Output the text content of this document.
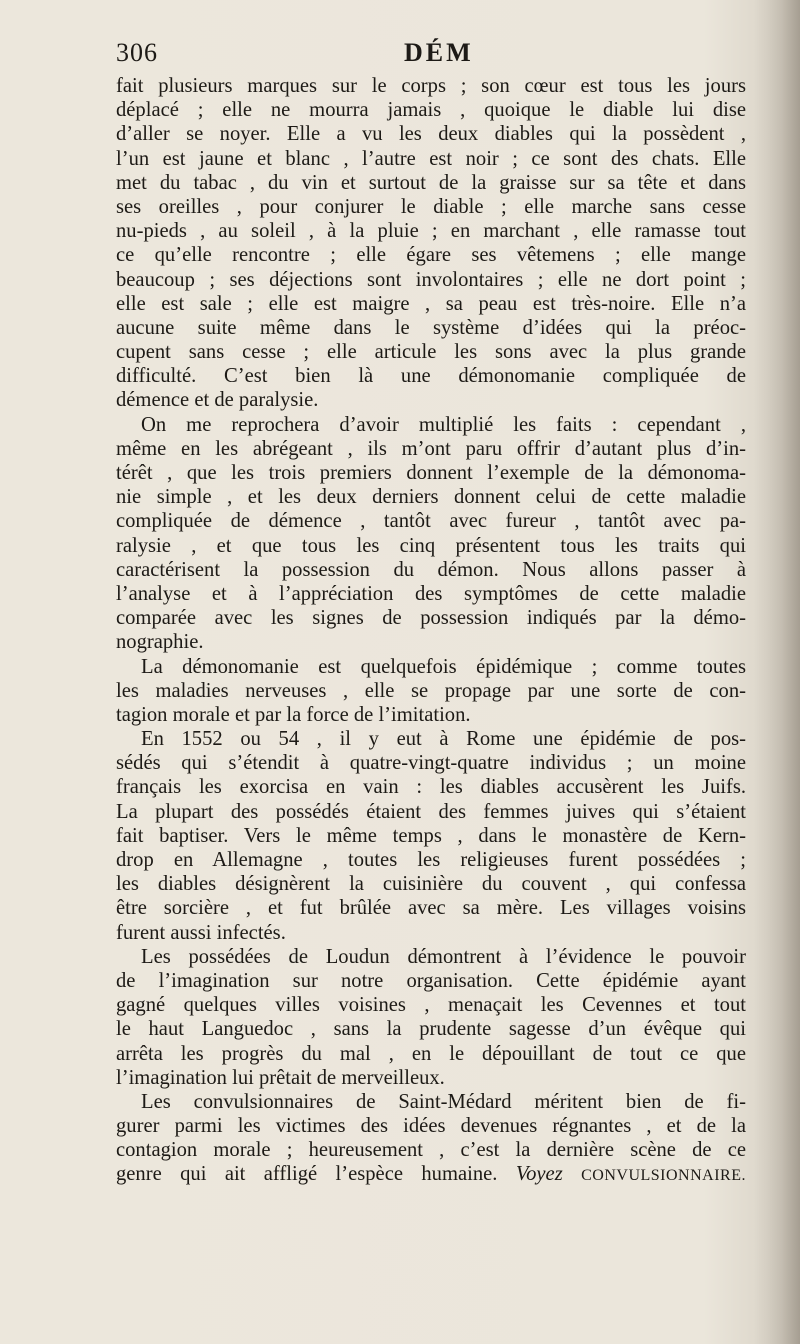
306	DÉM
fait plusieurs marques sur le corps ; son cœur est tous les jours
déplacé ; elle ne mourra jamais , quoique le diable lui dise
d’aller se noyer. Elle a vu les deux diables qui la possèdent ,
l’un est jaune et blanc , l’autre est noir ; ce sont des chats. Elle
met du tabac , du vin et surtout de la graisse sur sa tête et dans
ses oreilles , pour conjurer le diable ; elle marche sans cesse
nu-pieds , au soleil , à la pluie ; en marchant , elle ramasse tout
ce qu’elle rencontre ; elle égare ses vêtemens ; elle mange
beaucoup ; ses déjections sont involontaires ; elle ne dort point ;
elle est sale ; elle est maigre , sa peau est très-noire. Elle n’a
aucune suite même dans le système d’idées qui la préoc-
cupent sans cesse ; elle articule les sons avec la plus grande
difficulté. C’est bien là une démonomanie compliquée de
démence et de paralysie.
On me reprochera d’avoir multiplié les faits : cependant ,
même en les abrégeant , ils m’ont paru offrir d’autant plus d’in-
térêt , que les trois premiers donnent l’exemple de la démonoma-
nie simple , et les deux derniers donnent celui de cette maladie
compliquée de démence , tantôt avec fureur , tantôt avec pa-
ralysie , et que tous les cinq présentent tous les traits qui
caractérisent la possession du démon. Nous allons passer à
l’analyse et à l’appréciation des symptômes de cette maladie
comparée avec les signes de possession indiqués par la démo-
nographie.
La démonomanie est quelquefois épidémique ; comme toutes
les maladies nerveuses , elle se propage par une sorte de con-
tagion morale et par la force de l’imitation.
En 1552 ou 54 , il y eut à Rome une épidémie de pos-
sédés qui s’étendit à quatre-vingt-quatre individus ; un moine
français les exorcisa en vain : les diables accusèrent les Juifs.
La plupart des possédés étaient des femmes juives qui s’étaient
fait baptiser. Vers le même temps , dans le monastère de Kern-
drop en Allemagne , toutes les religieuses furent possédées ;
les diables désignèrent la cuisinière du couvent , qui confessa
être sorcière , et fut brûlée avec sa mère. Les villages voisins
furent aussi infectés.
Les possédées de Loudun démontrent à l’évidence le pouvoir
de l’imagination sur notre organisation. Cette épidémie ayant
gagné quelques villes voisines , menaçait les Cevennes et tout
le haut Languedoc , sans la prudente sagesse d’un évêque qui
arrêta les progrès du mal , en le dépouillant de tout ce que
l’imagination lui prêtait de merveilleux.
Les convulsionnaires de Saint-Médard méritent bien de fi-
gurer parmi les victimes des idées devenues régnantes , et de la
contagion morale ; heureusement , c’est la dernière scène de ce
genre qui ait affligé l’espèce humaine. Voyez CONVULSIONNAIRE.
